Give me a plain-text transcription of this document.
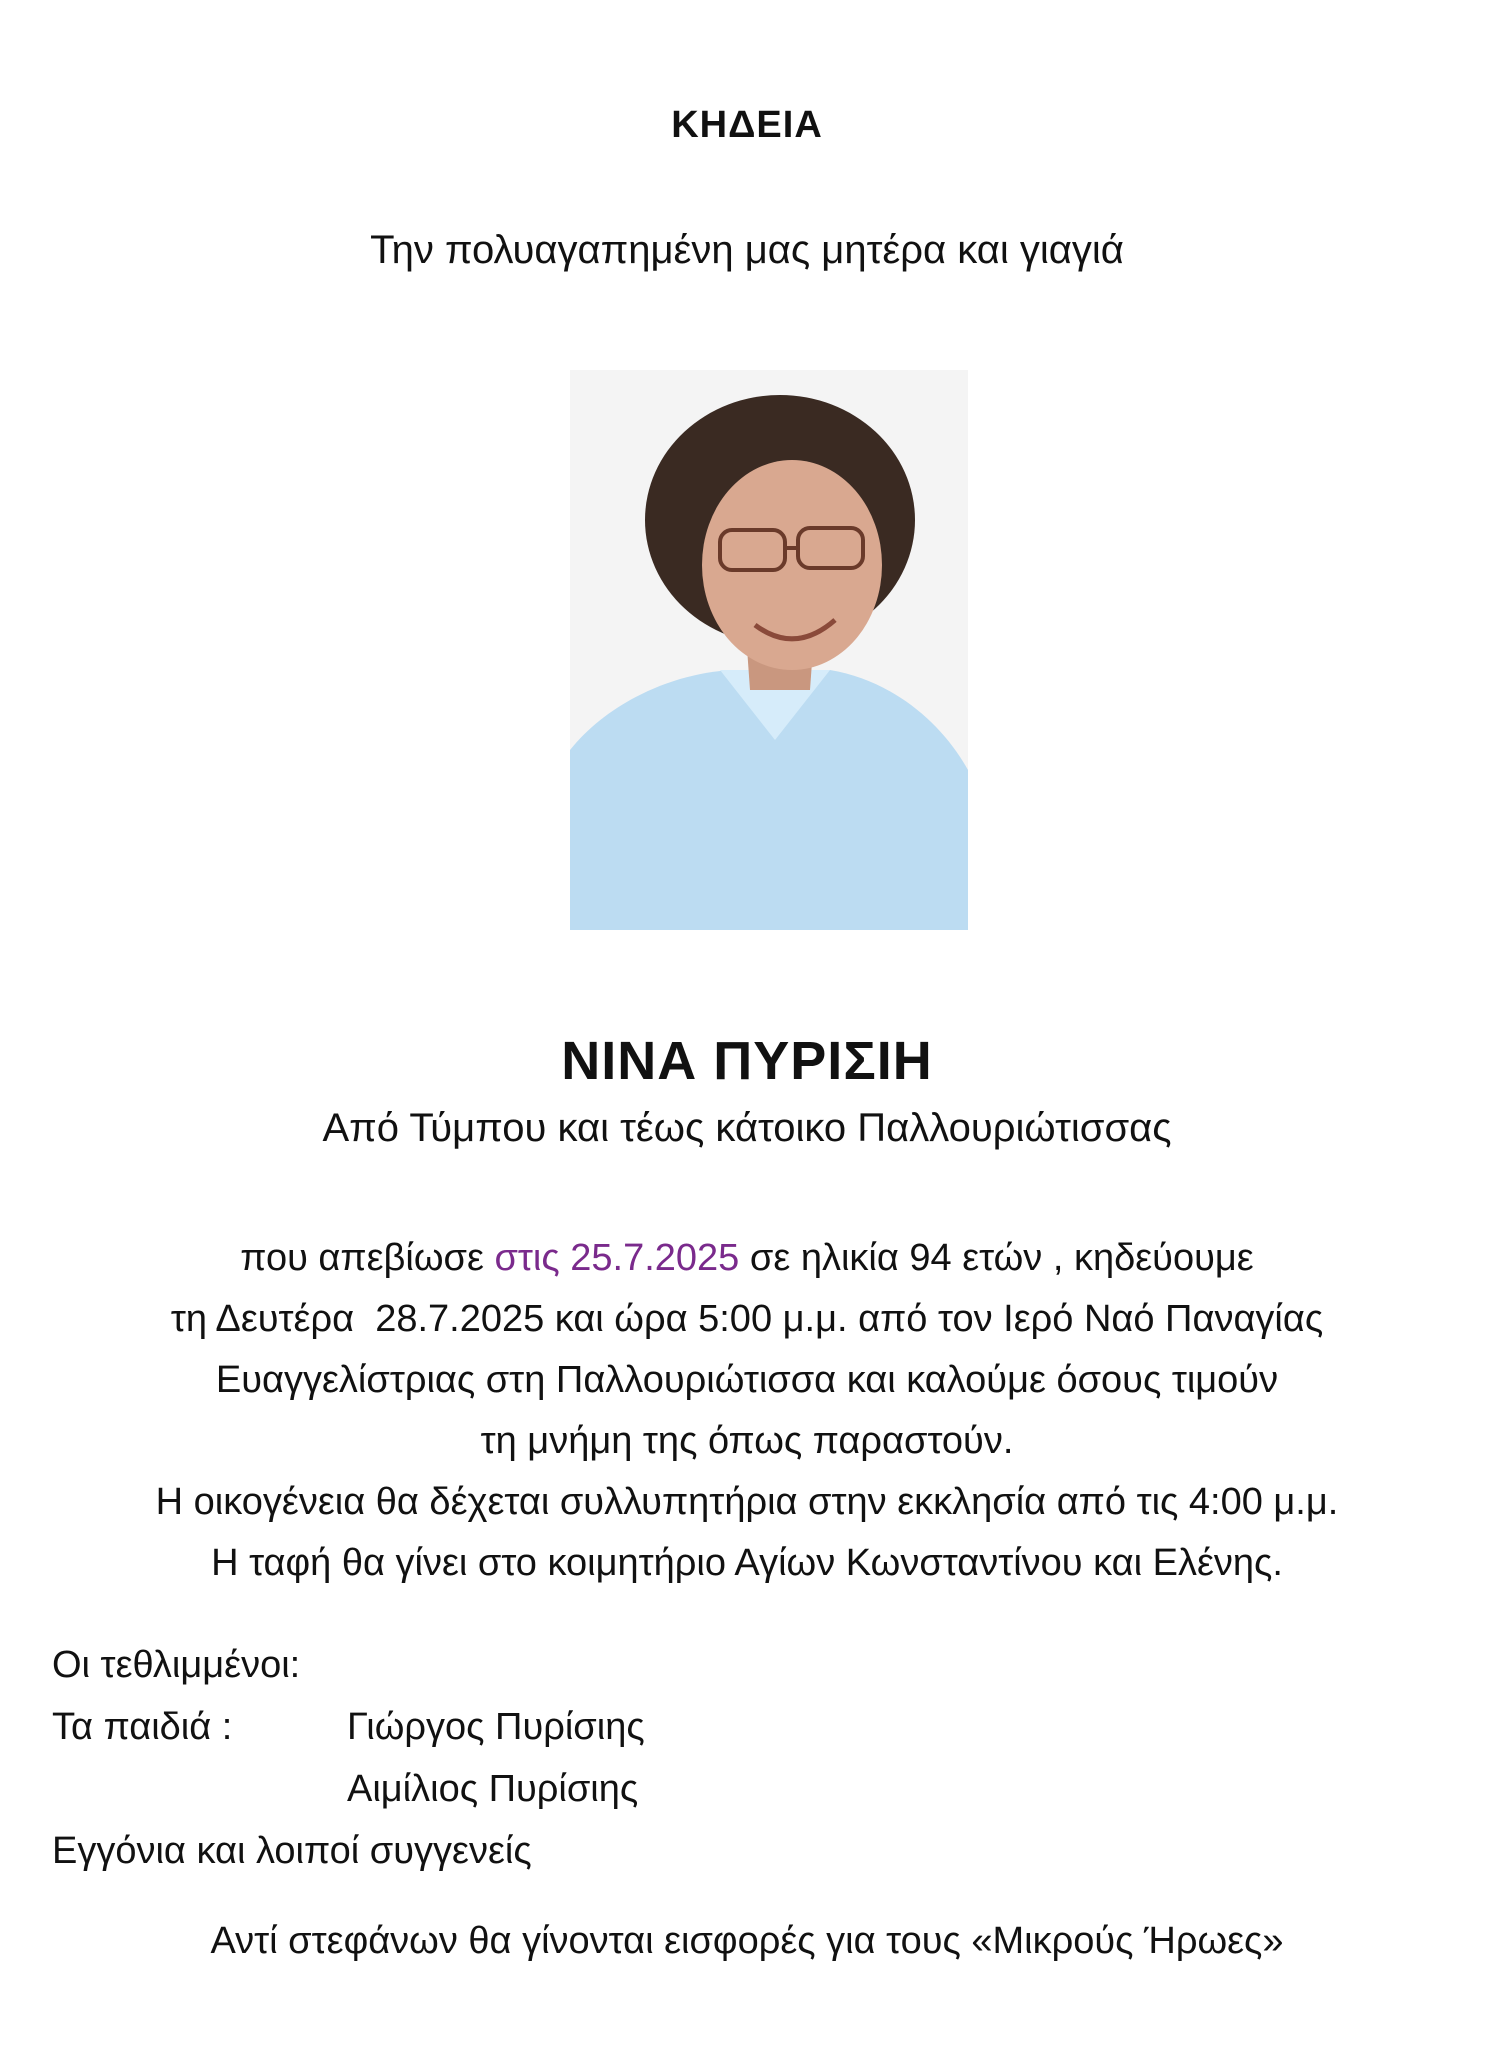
ΚΗΔΕΙΑ
Την πολυαγαπημένη μας μητέρα και γιαγιά
ΝΙΝΑ ΠΥΡΙΣΙΗ
Από Τύμπου και τέως κάτοικο Παλλουριώτισσας
που απεβίωσε στις 25.7.2025 σε ηλικία 94 ετών , κηδεύουμε
τη Δευτέρα  28.7.2025 και ώρα 5:00 μ.μ. από τον Ιερό Ναό Παναγίας
Ευαγγελίστριας στη Παλλουριώτισσα και καλούμε όσους τιμούν
τη μνήμη της όπως παραστούν.
Η οικογένεια θα δέχεται συλλυπητήρια στην εκκλησία από τις 4:00 μ.μ.
Η ταφή θα γίνει στο κοιμητήριο Αγίων Κωνσταντίνου και Ελένης.
Οι τεθλιμμένοι:
Τα παιδιά :	Γιώργος Πυρίσιης
Αιμίλιος Πυρίσιης
Εγγόνια και λοιποί συγγενείς
Αντί στεφάνων θα γίνονται εισφορές για τους «Μικρούς Ήρωες»
